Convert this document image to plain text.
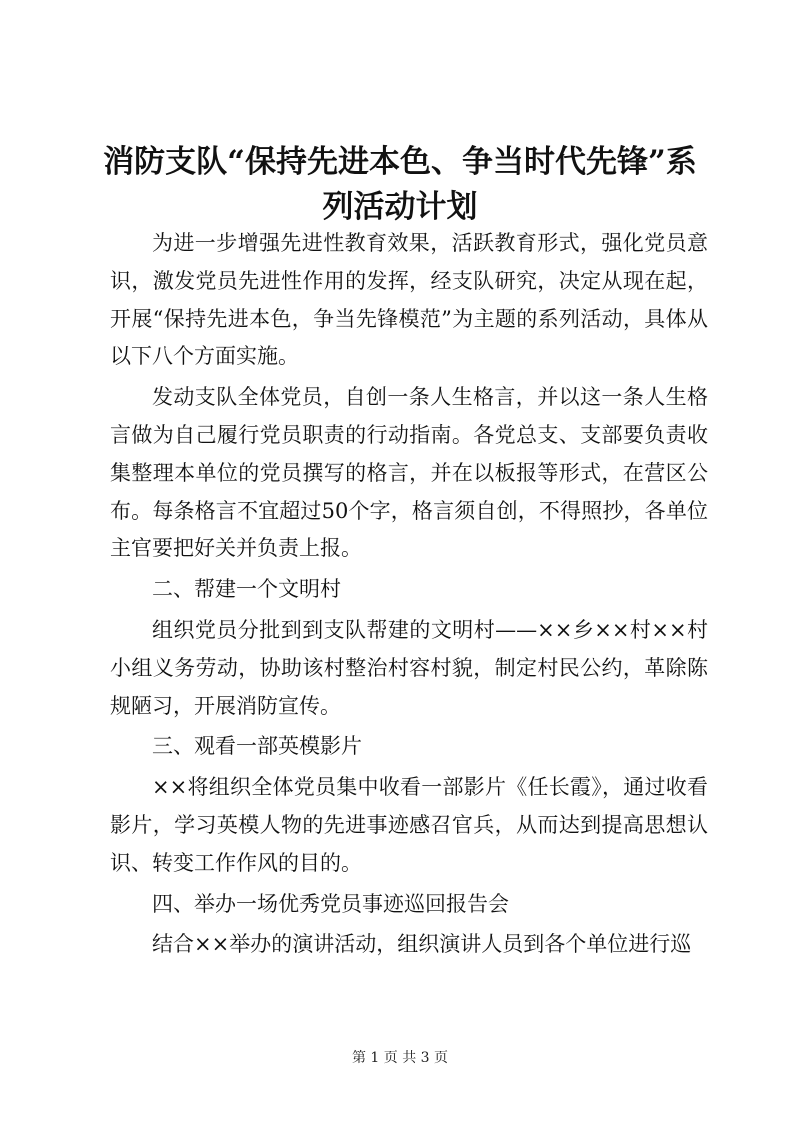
消防支队“保持先进本色、争当时代先锋”系列活动计划

为进一步增强先进性教育效果，活跃教育形式，强化党员意识，激发党员先进性作用的发挥，经支队研究，决定从现在起，开展“保持先进本色，争当先锋模范”为主题的系列活动，具体从以下八个方面实施。

发动支队全体党员，自创一条人生格言，并以这一条人生格言做为自己履行党员职责的行动指南。各党总支、支部要负责收集整理本单位的党员撰写的格言，并在以板报等形式，在营区公布。每条格言不宜超过50个字，格言须自创，不得照抄，各单位主官要把好关并负责上报。

二、帮建一个文明村

组织党员分批到到支队帮建的文明村——××乡××村××村小组义务劳动，协助该村整治村容村貌，制定村民公约，革除陈规陋习，开展消防宣传。

三、观看一部英模影片

××将组织全体党员集中收看一部影片《任长霞》，通过收看影片，学习英模人物的先进事迹感召官兵，从而达到提高思想认识、转变工作作风的目的。

四、举办一场优秀党员事迹巡回报告会

结合××举办的演讲活动，组织演讲人员到各个单位进行巡

第 1 页 共 3 页
